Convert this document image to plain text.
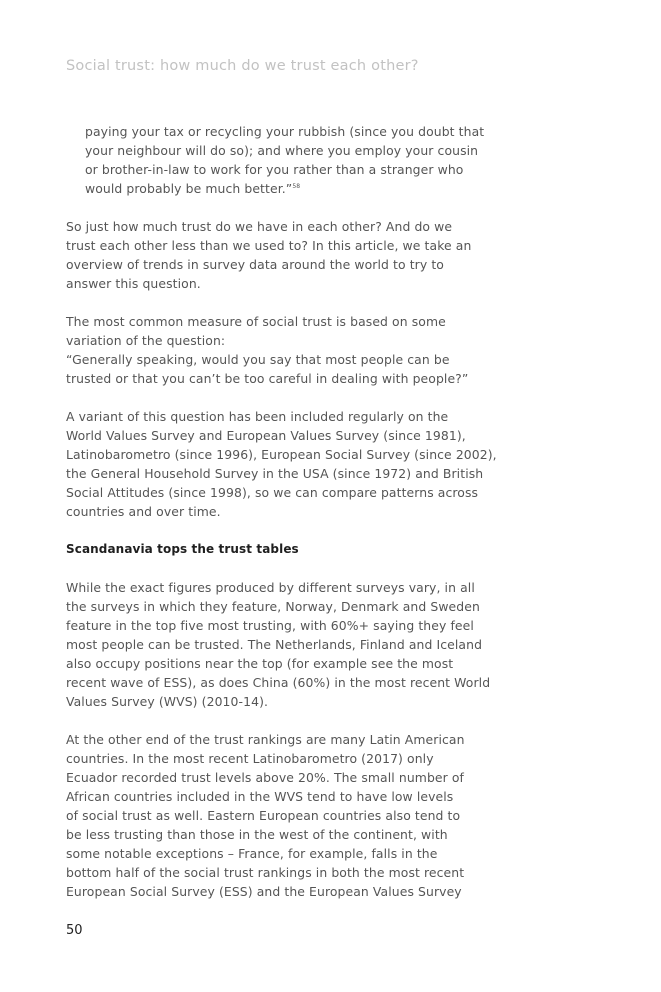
Social trust: how much do we trust each other?
paying your tax or recycling your rubbish (since you doubt that
your neighbour will do so); and where you employ your cousin
or brother-in-law to work for you rather than a stranger who
would probably be much better.”$^{58}$
So just how much trust do we have in each other? And do we
trust each other less than we used to? In this article, we take an
overview of trends in survey data around the world to try to
answer this question.
The most common measure of social trust is based on some
variation of the question:
“Generally speaking, would you say that most people can be
trusted or that you can’t be too careful in dealing with people?”
A variant of this question has been included regularly on the
World Values Survey and European Values Survey (since 1981),
Latinobarometro (since 1996), European Social Survey (since 2002),
the General Household Survey in the USA (since 1972) and British
Social Attitudes (since 1998), so we can compare patterns across
countries and over time.
Scandanavia tops the trust tables
While the exact figures produced by different surveys vary, in all
the surveys in which they feature, Norway, Denmark and Sweden
feature in the top five most trusting, with 60%+ saying they feel
most people can be trusted. The Netherlands, Finland and Iceland
also occupy positions near the top (for example see the most
recent wave of ESS), as does China (60%) in the most recent World
Values Survey (WVS) (2010-14).
At the other end of the trust rankings are many Latin American
countries. In the most recent Latinobarometro (2017) only
Ecuador recorded trust levels above 20%. The small number of
African countries included in the WVS tend to have low levels
of social trust as well. Eastern European countries also tend to
be less trusting than those in the west of the continent, with
some notable exceptions – France, for example, falls in the
bottom half of the social trust rankings in both the most recent
European Social Survey (ESS) and the European Values Survey
50
